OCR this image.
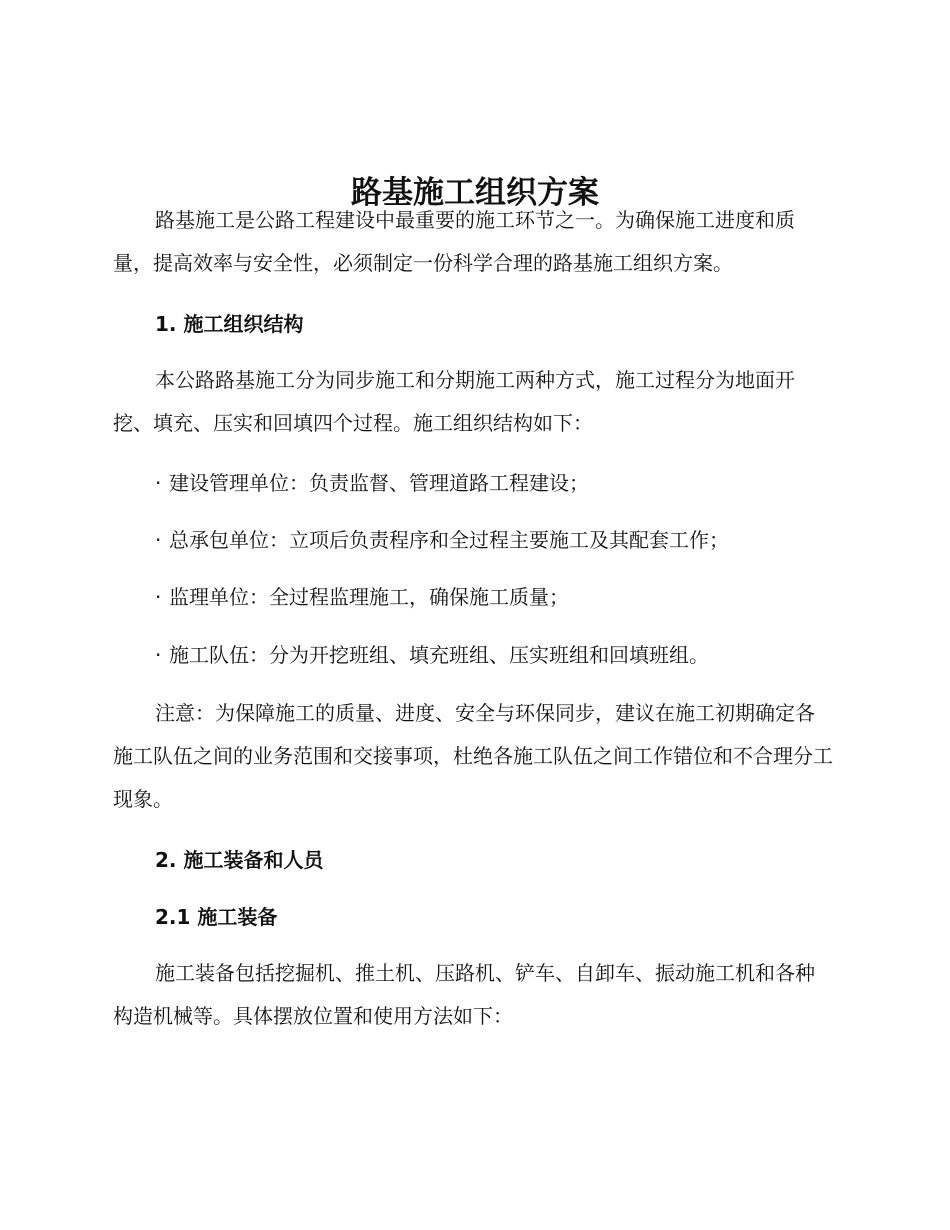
路基施工组织方案

路基施工是公路工程建设中最重要的施工环节之一。为确保施工进度和质量，提高效率与安全性，必须制定一份科学合理的路基施工组织方案。

1. 施工组织结构

本公路路基施工分为同步施工和分期施工两种方式，施工过程分为地面开挖、填充、压实和回填四个过程。施工组织结构如下：

· 建设管理单位：负责监督、管理道路工程建设；

· 总承包单位：立项后负责程序和全过程主要施工及其配套工作；

· 监理单位：全过程监理施工，确保施工质量；

· 施工队伍：分为开挖班组、填充班组、压实班组和回填班组。

注意：为保障施工的质量、进度、安全与环保同步，建议在施工初期确定各施工队伍之间的业务范围和交接事项，杜绝各施工队伍之间工作错位和不合理分工现象。

2. 施工装备和人员
2.1 施工装备

施工装备包括挖掘机、推土机、压路机、铲车、自卸车、振动施工机和各种构造机械等。具体摆放位置和使用方法如下：
